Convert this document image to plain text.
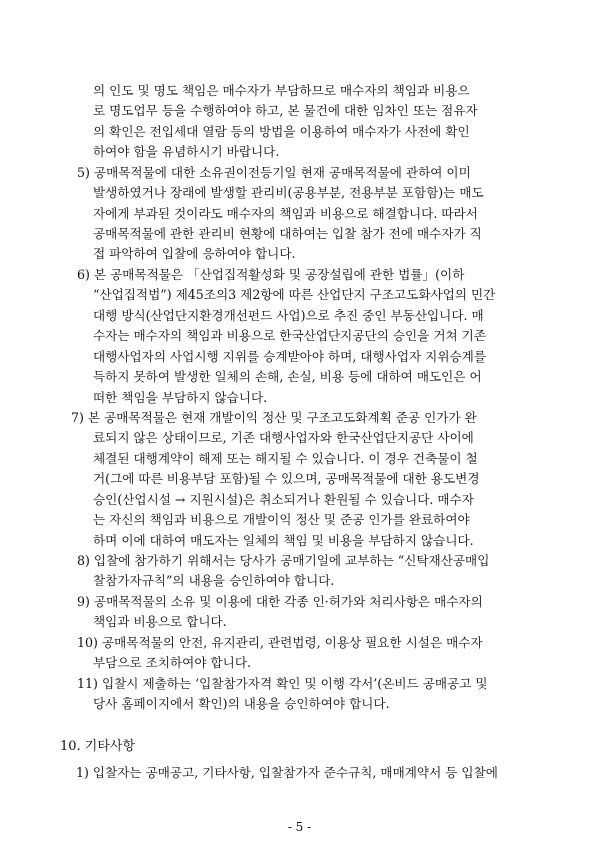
의 인도 및 명도 책임은 매수자가 부담하므로 매수자의 책임과 비용으
로 명도업무 등을 수행하여야 하고, 본 물건에 대한 임차인 또는 점유자
의 확인은 전입세대 열람 등의 방법을 이용하여 매수자가 사전에 확인
하여야 함을 유념하시기 바랍니다.
5) 공매목적물에 대한 소유권이전등기일 현재 공매목적물에 관하여 이미
발생하였거나 장래에 발생할 관리비(공용부분, 전용부분 포함함)는 매도
자에게 부과된 것이라도 매수자의 책임과 비용으로 해결합니다. 따라서
공매목적물에 관한 관리비 현황에 대하여는 입찰 참가 전에 매수자가 직
접 파악하여 입찰에 응하여야 합니다.
6) 본 공매목적물은 「산업집적활성화 및 공장설립에 관한 법률」(이하
“산업집적법”) 제45조의3 제2항에 따른 산업단지 구조고도화사업의 민간
대행 방식(산업단지환경개선펀드 사업)으로 추진 중인 부동산입니다. 매
수자는 매수자의 책임과 비용으로 한국산업단지공단의 승인을 거쳐 기존
대행사업자의 사업시행 지위를 승계받아야 하며, 대행사업자 지위승계를
득하지 못하여 발생한 일체의 손해, 손실, 비용 등에 대하여 매도인은 어
떠한 책임을 부담하지 않습니다.
7) 본 공매목적물은 현재 개발이익 정산 및 구조고도화계획 준공 인가가 완
료되지 않은 상태이므로, 기존 대행사업자와 한국산업단지공단 사이에
체결된 대행계약이 해제 또는 해지될 수 있습니다. 이 경우 건축물이 철
거(그에 따른 비용부담 포함)될 수 있으며, 공매목적물에 대한 용도변경
승인(산업시설 → 지원시설)은 취소되거나 환원될 수 있습니다. 매수자
는 자신의 책임과 비용으로 개발이익 정산 및 준공 인가를 완료하여야
하며 이에 대하여 매도자는 일체의 책임 및 비용을 부담하지 않습니다.
8) 입찰에 참가하기 위해서는 당사가 공매기일에 교부하는 “신탁재산공매입
찰참가자규칙”의 내용을 승인하여야 합니다.
9) 공매목적물의 소유 및 이용에 대한 각종 인·허가와 처리사항은 매수자의
책임과 비용으로 합니다.
10) 공매목적물의 안전, 유지관리, 관련법령, 이용상 필요한 시설은 매수자
부담으로 조치하여야 합니다.
11) 입찰시 제출하는 ‘입찰참가자격 확인 및 이행 각서’(온비드 공매공고 및
당사 홈페이지에서 확인)의 내용을 승인하여야 합니다.
10. 기타사항
1) 입찰자는 공매공고, 기타사항, 입찰참가자 준수규칙, 매매계약서 등 입찰에
- 5 -
